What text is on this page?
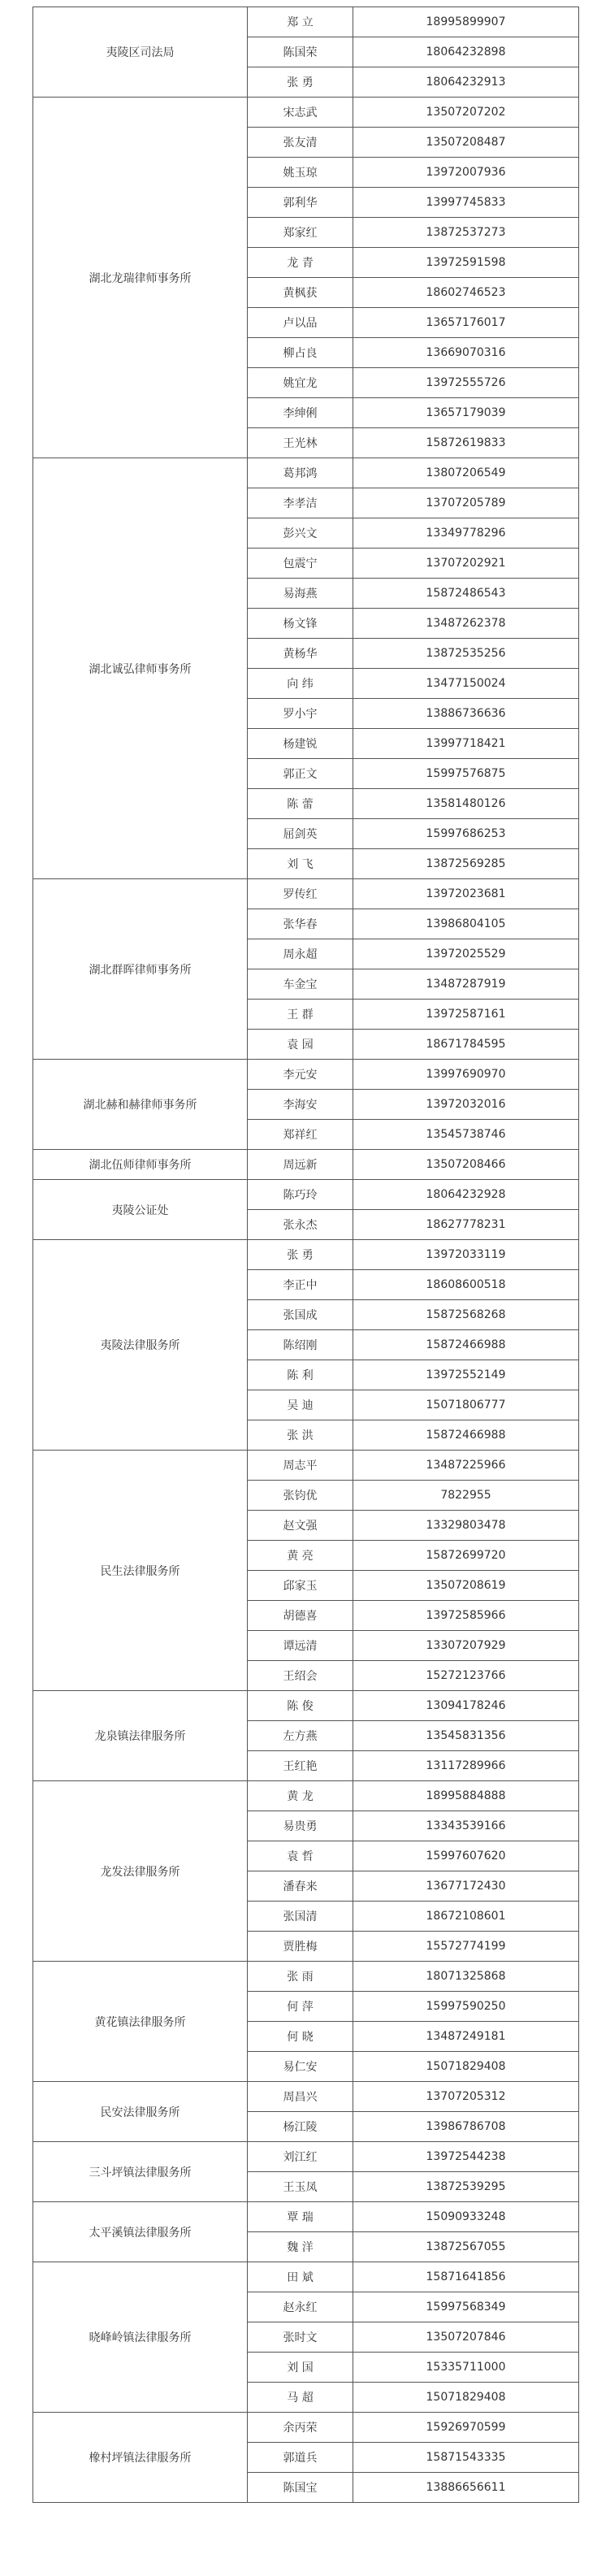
夷陵区司法局	郑 立	18995899907
	陈国荣	18064232898
	张 勇	18064232913
湖北龙瑞律师事务所	宋志武	13507207202
	张友清	13507208487
	姚玉琼	13972007936
	郭利华	13997745833
	郑家红	13872537273
	龙 青	13972591598
	黄枫获	18602746523
	卢以品	13657176017
	柳占良	13669070316
	姚宜龙	13972555726
	李绅俐	13657179039
	王光林	15872619833
湖北诚弘律师事务所	葛邦鸿	13807206549
	李孝洁	13707205789
	彭兴文	13349778296
	包震宁	13707202921
	易海燕	15872486543
	杨文锋	13487262378
	黄杨华	13872535256
	向 纬	13477150024
	罗小宇	13886736636
	杨建锐	13997718421
	郭正文	15997576875
	陈 蕾	13581480126
	屈剑英	15997686253
	刘 飞	13872569285
湖北群晖律师事务所	罗传红	13972023681
	张华春	13986804105
	周永超	13972025529
	车金宝	13487287919
	王 群	13972587161
	袁 园	18671784595
湖北赫和赫律师事务所	李元安	13997690970
	李海安	13972032016
	郑祥红	13545738746
湖北伍师律师事务所	周远新	13507208466
夷陵公证处	陈巧玲	18064232928
	张永杰	18627778231
夷陵法律服务所	张 勇	13972033119
	李正中	18608600518
	张国成	15872568268
	陈绍刚	15872466988
	陈 利	13972552149
	吴 迪	15071806777
	张 洪	15872466988
民生法律服务所	周志平	13487225966
	张钧优	7822955
	赵文强	13329803478
	黄 亮	15872699720
	邱家玉	13507208619
	胡德喜	13972585966
	谭远清	13307207929
	王绍会	15272123766
龙泉镇法律服务所	陈 俊	13094178246
	左方燕	13545831356
	王红艳	13117289966
龙发法律服务所	黄 龙	18995884888
	易贵勇	13343539166
	袁 哲	15997607620
	潘春来	13677172430
	张国清	18672108601
	贾胜梅	15572774199
黄花镇法律服务所	张 雨	18071325868
	何 萍	15997590250
	何 晓	13487249181
	易仁安	15071829408
民安法律服务所	周昌兴	13707205312
	杨江陵	13986786708
三斗坪镇法律服务所	刘江红	13972544238
	王玉凤	13872539295
太平溪镇法律服务所	覃 瑞	15090933248
	魏 洋	13872567055
晓峰岭镇法律服务所	田 斌	15871641856
	赵永红	15997568349
	张时文	13507207846
	刘 国	15335711000
	马 超	15071829408
橡村坪镇法律服务所	余丙荣	15926970599
	郭道兵	15871543335
	陈国宝	13886656611
